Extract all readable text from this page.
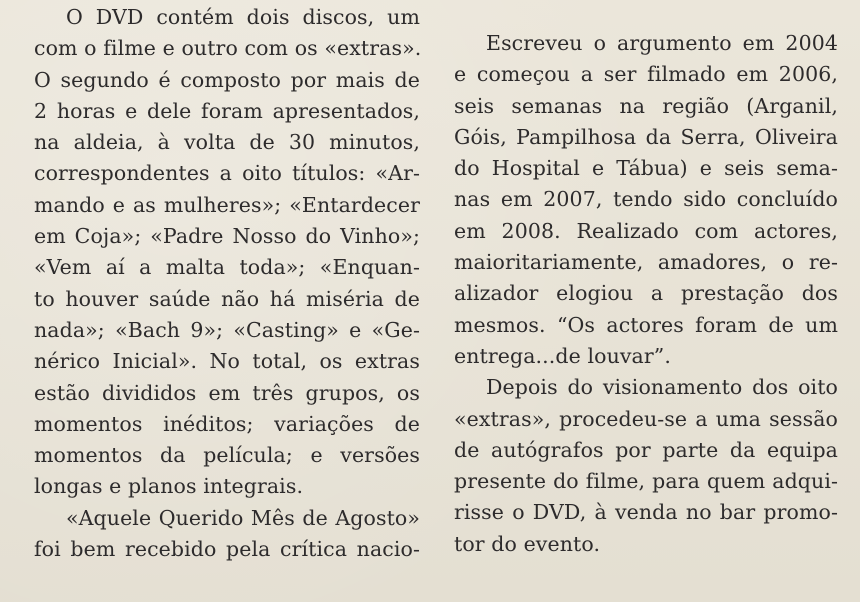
O DVD contém dois discos, um
com o filme e outro com os «extras».
O segundo é composto por mais de
2 horas e dele foram apresentados,
na aldeia, à volta de 30 minutos,
correspondentes a oito títulos: «Ar-
mando e as mulheres»; «Entardecer
em Coja»; «Padre Nosso do Vinho»;
«Vem aí a malta toda»; «Enquan-
to houver saúde não há miséria de
nada»; «Bach 9»; «Casting» e «Ge-
nérico Inicial». No total, os extras
estão divididos em três grupos, os
momentos inéditos; variações de
momentos da película; e versões
longas e planos integrais.
«Aquele Querido Mês de Agosto»
foi bem recebido pela crítica nacio-
Escreveu o argumento em 2004
e começou a ser filmado em 2006,
seis semanas na região (Arganil,
Góis, Pampilhosa da Serra, Oliveira
do Hospital e Tábua) e seis sema-
nas em 2007, tendo sido concluído
em 2008. Realizado com actores,
maioritariamente, amadores, o re-
alizador elogiou a prestação dos
mesmos. “Os actores foram de um
entrega...de louvar”.
Depois do visionamento dos oito
«extras», procedeu-se a uma sessão
de autógrafos por parte da equipa
presente do filme, para quem adqui-
risse o DVD, à venda no bar promo-
tor do evento.
